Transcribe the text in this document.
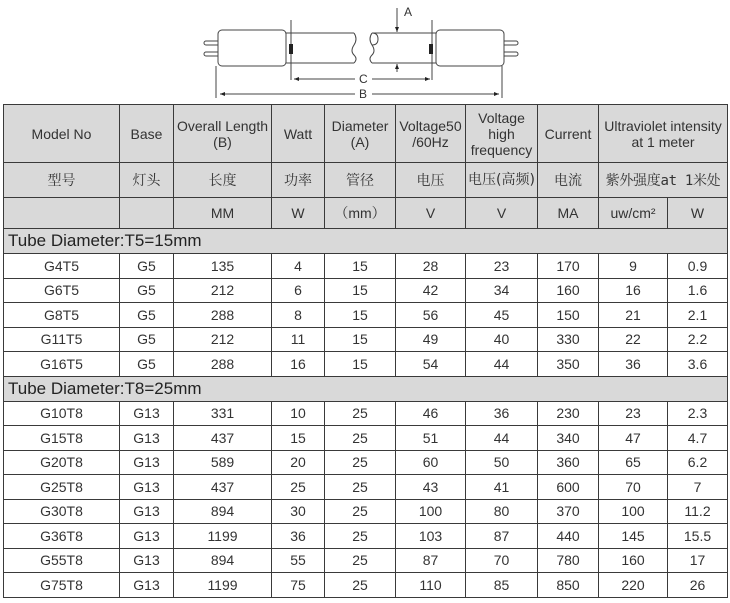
A
C
B
Model No	Base	Overall Length (B)	Watt	Diameter (A)	Voltage50 /60Hz	Voltage high frequency	Current	Ultraviolet intensity at 1 meter	
型号	灯头	长度	功率	管径	电压	电压(高频)	电流	紫外强度at 1米处	
		MM	W	（mm）	V	V	MA	uw/cm²	W
Tube Diameter:T5=15mm									
G4T5	G5	135	4	15	28	23	170	9	0.9
G6T5	G5	212	6	15	42	34	160	16	1.6
G8T5	G5	288	8	15	56	45	150	21	2.1
G11T5	G5	212	11	15	49	40	330	22	2.2
G16T5	G5	288	16	15	54	44	350	36	3.6
Tube Diameter:T8=25mm									
G10T8	G13	331	10	25	46	36	230	23	2.3
G15T8	G13	437	15	25	51	44	340	47	4.7
G20T8	G13	589	20	25	60	50	360	65	6.2
G25T8	G13	437	25	25	43	41	600	70	7
G30T8	G13	894	30	25	100	80	370	100	11.2
G36T8	G13	1199	36	25	103	87	440	145	15.5
G55T8	G13	894	55	25	87	70	780	160	17
G75T8	G13	1199	75	25	110	85	850	220	26
